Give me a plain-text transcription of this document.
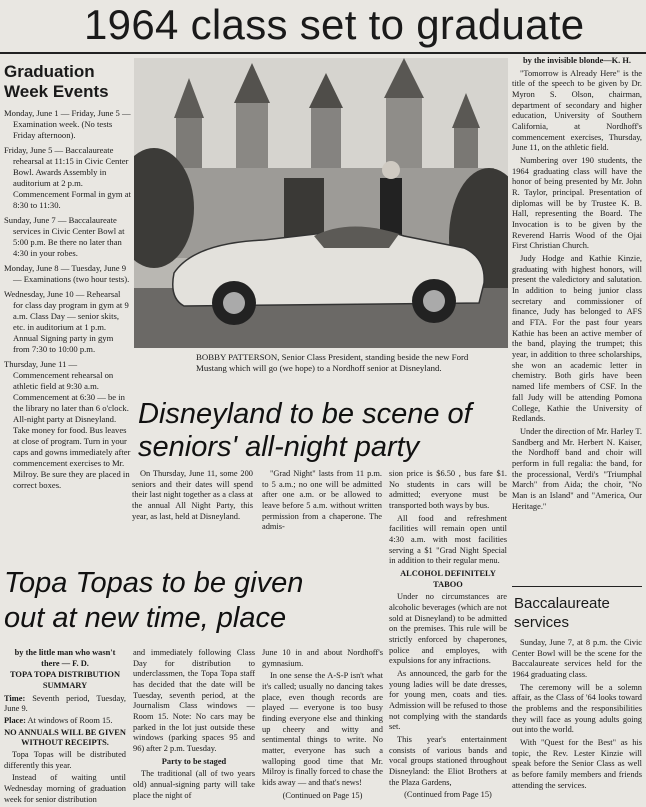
1964 class set to graduate
Graduation
Week Events
Monday, June 1 — Friday, June 5 — Examination week. (No tests Friday afternoon).
Friday, June 5 — Baccalaureate rehearsal at 11:15 in Civic Center Bowl. Awards Assembly in auditorium at 2 p.m. Commencement Formal in gym at 8:30 to 11:30.
Sunday, June 7 — Baccalaureate services in Civic Center Bowl at 5:00 p.m. Be there no later than 4:30 in your robes.
Monday, June 8 — Tuesday, June 9 — Examinations (two hour tests).
Wednesday, June 10 — Rehearsal for class day program in gym at 9 a.m. Class Day — senior skits, etc. in auditorium at 1 p.m. Annual Signing party in gym from 7:30 to 10:00 p.m.
Thursday, June 11 — Commencement rehearsal on athletic field at 9:30 a.m. Commencement at 6:30 — be in the library no later than 6 o'clock. All-night party at Disneyland. Take money for food. Bus leaves at close of program. Turn in your caps and gowns immediately after commencement exercises to Mr. Milroy. Be sure they are placed in correct boxes.
BOBBY PATTERSON, Senior Class President, standing beside the new Ford Mustang which will go (we hope) to a Nordhoff senior at Disneyland.
by the invisible blonde—K. H.

"Tomorrow is Already Here" is the title of the speech to be given by Dr. Myron S. Olson, chairman, department of secondary and higher education, University of Southern California, at Nordhoff's commencement exercises, Thursday, June 11, on the athletic field.

Numbering over 190 students, the 1964 graduating class will have the honor of being presented by Mr. John R. Taylor, principal. Presentation of diplomas will be by Trustee K. B. Hall, representing the Board. The Invocation is to be given by the Reverend Harris Wood of the Ojai First Christian Church.

Judy Hodge and Kathie Kinzie, graduating with highest honors, will present the valedictory and salutation. In addition to being junior class secretary and commissioner of finance, Judy has belonged to AFS and FTA. For the past four years Kathie has been an active member of the band, playing the trumpet; this year, in addition to three scholarships, she won an academic letter in chemistry. Both girls have been named life members of CSF. In the fall Judy will be attending Pomona College, Kathie the University of Redlands.

Under the direction of Mr. Harley T. Sandberg and Mr. Herbert N. Kaiser, the Nordhoff band and choir will perform in full regalia: the band, for the processional, Verdi's "Triumphal March" from Aida; the choir, "No Man is an Island" and "America, Our Heritage."

Disneyland to be scene of
seniors' all-night party

On Thursday, June 11, some 200 seniors and their dates will spend their last night together as a class at the annual All Night Party, this year, as last, held at Disneyland.

"Grad Night" lasts from 11 p.m. to 5 a.m.; no one will be admitted after one a.m. or be allowed to leave before 5 a.m. without written permission from a chaperone. The admis-

sion price is $6.50 , bus fare $1. No students in cars will be admitted; everyone must be transported both ways by bus.

All food and refreshment facilities will remain open until 4:30 a.m. with most facilities serving a $1 "Grad Night Special in addition to their regular menu.

ALCOHOL DEFINITELY
TABOO

Under no circumstances are alcoholic beverages (which are not sold at Disneyland) to be admitted on the premises. This rule will be strictly enforced by chaperones, police and employes, with expulsions for any infractions.

As announced, the garb for the young ladies will be date dresses, for young men, coats and ties. Admission will be refused to those not complying with the standards set.

This year's entertainment consists of various bands and vocal groups stationed throughout Disneyland: the Eliot Brothers at the Plaza Gardens,

(Continued from Page 15)
Topa Topas to be given
out at new time, place
by the little man who wasn't
there — F. D.
TOPA TOPA DISTRIBUTION
SUMMARY
Time: Seventh period, Tuesday, June 9.
Place: At windows of Room 15.
NO ANNUALS WILL BE GIVEN WITHOUT RECEIPTS.

Topa Topas will be distributed differently this year.

Instead of waiting until Wednesday morning of graduation week for senior distribution

and immediately following Class Day for distribution to underclassmen, the Topa Topa staff has decided that the date will be Tuesday, seventh period, at the Journalism Class windows — Room 15. Note: No cars may be parked in the lot just outside these windows (parking spaces 95 and 96) after 2 p.m. Tuesday.

Party to be staged

The traditional (all of two years old) annual-signing party will take place the night of

June 10 in and about Nordhoff's gymnasium.

In one sense the A-S-P isn't what it's called; usually no dancing takes place, even though records are played — everyone is too busy finding everyone else and thinking up cheery and witty and sentimental things to write. No matter, everyone has such a walloping good time that Mr. Milroy is finally forced to chase the kids away — and that's news!

(Continued on Page 15)
Baccalaureate
services

Sunday, June 7, at 8 p.m. the Civic Center Bowl will be the scene for the Baccalaureate services held for the 1964 graduating class.

The ceremony will be a solemn affair, as the Class of '64 looks toward the problems and the responsibilities they will face as young adults going out into the world.

With "Quest for the Best" as his topic, the Rev. Lester Kinzie will speak before the Senior Class as well as before family members and friends attending the services.
